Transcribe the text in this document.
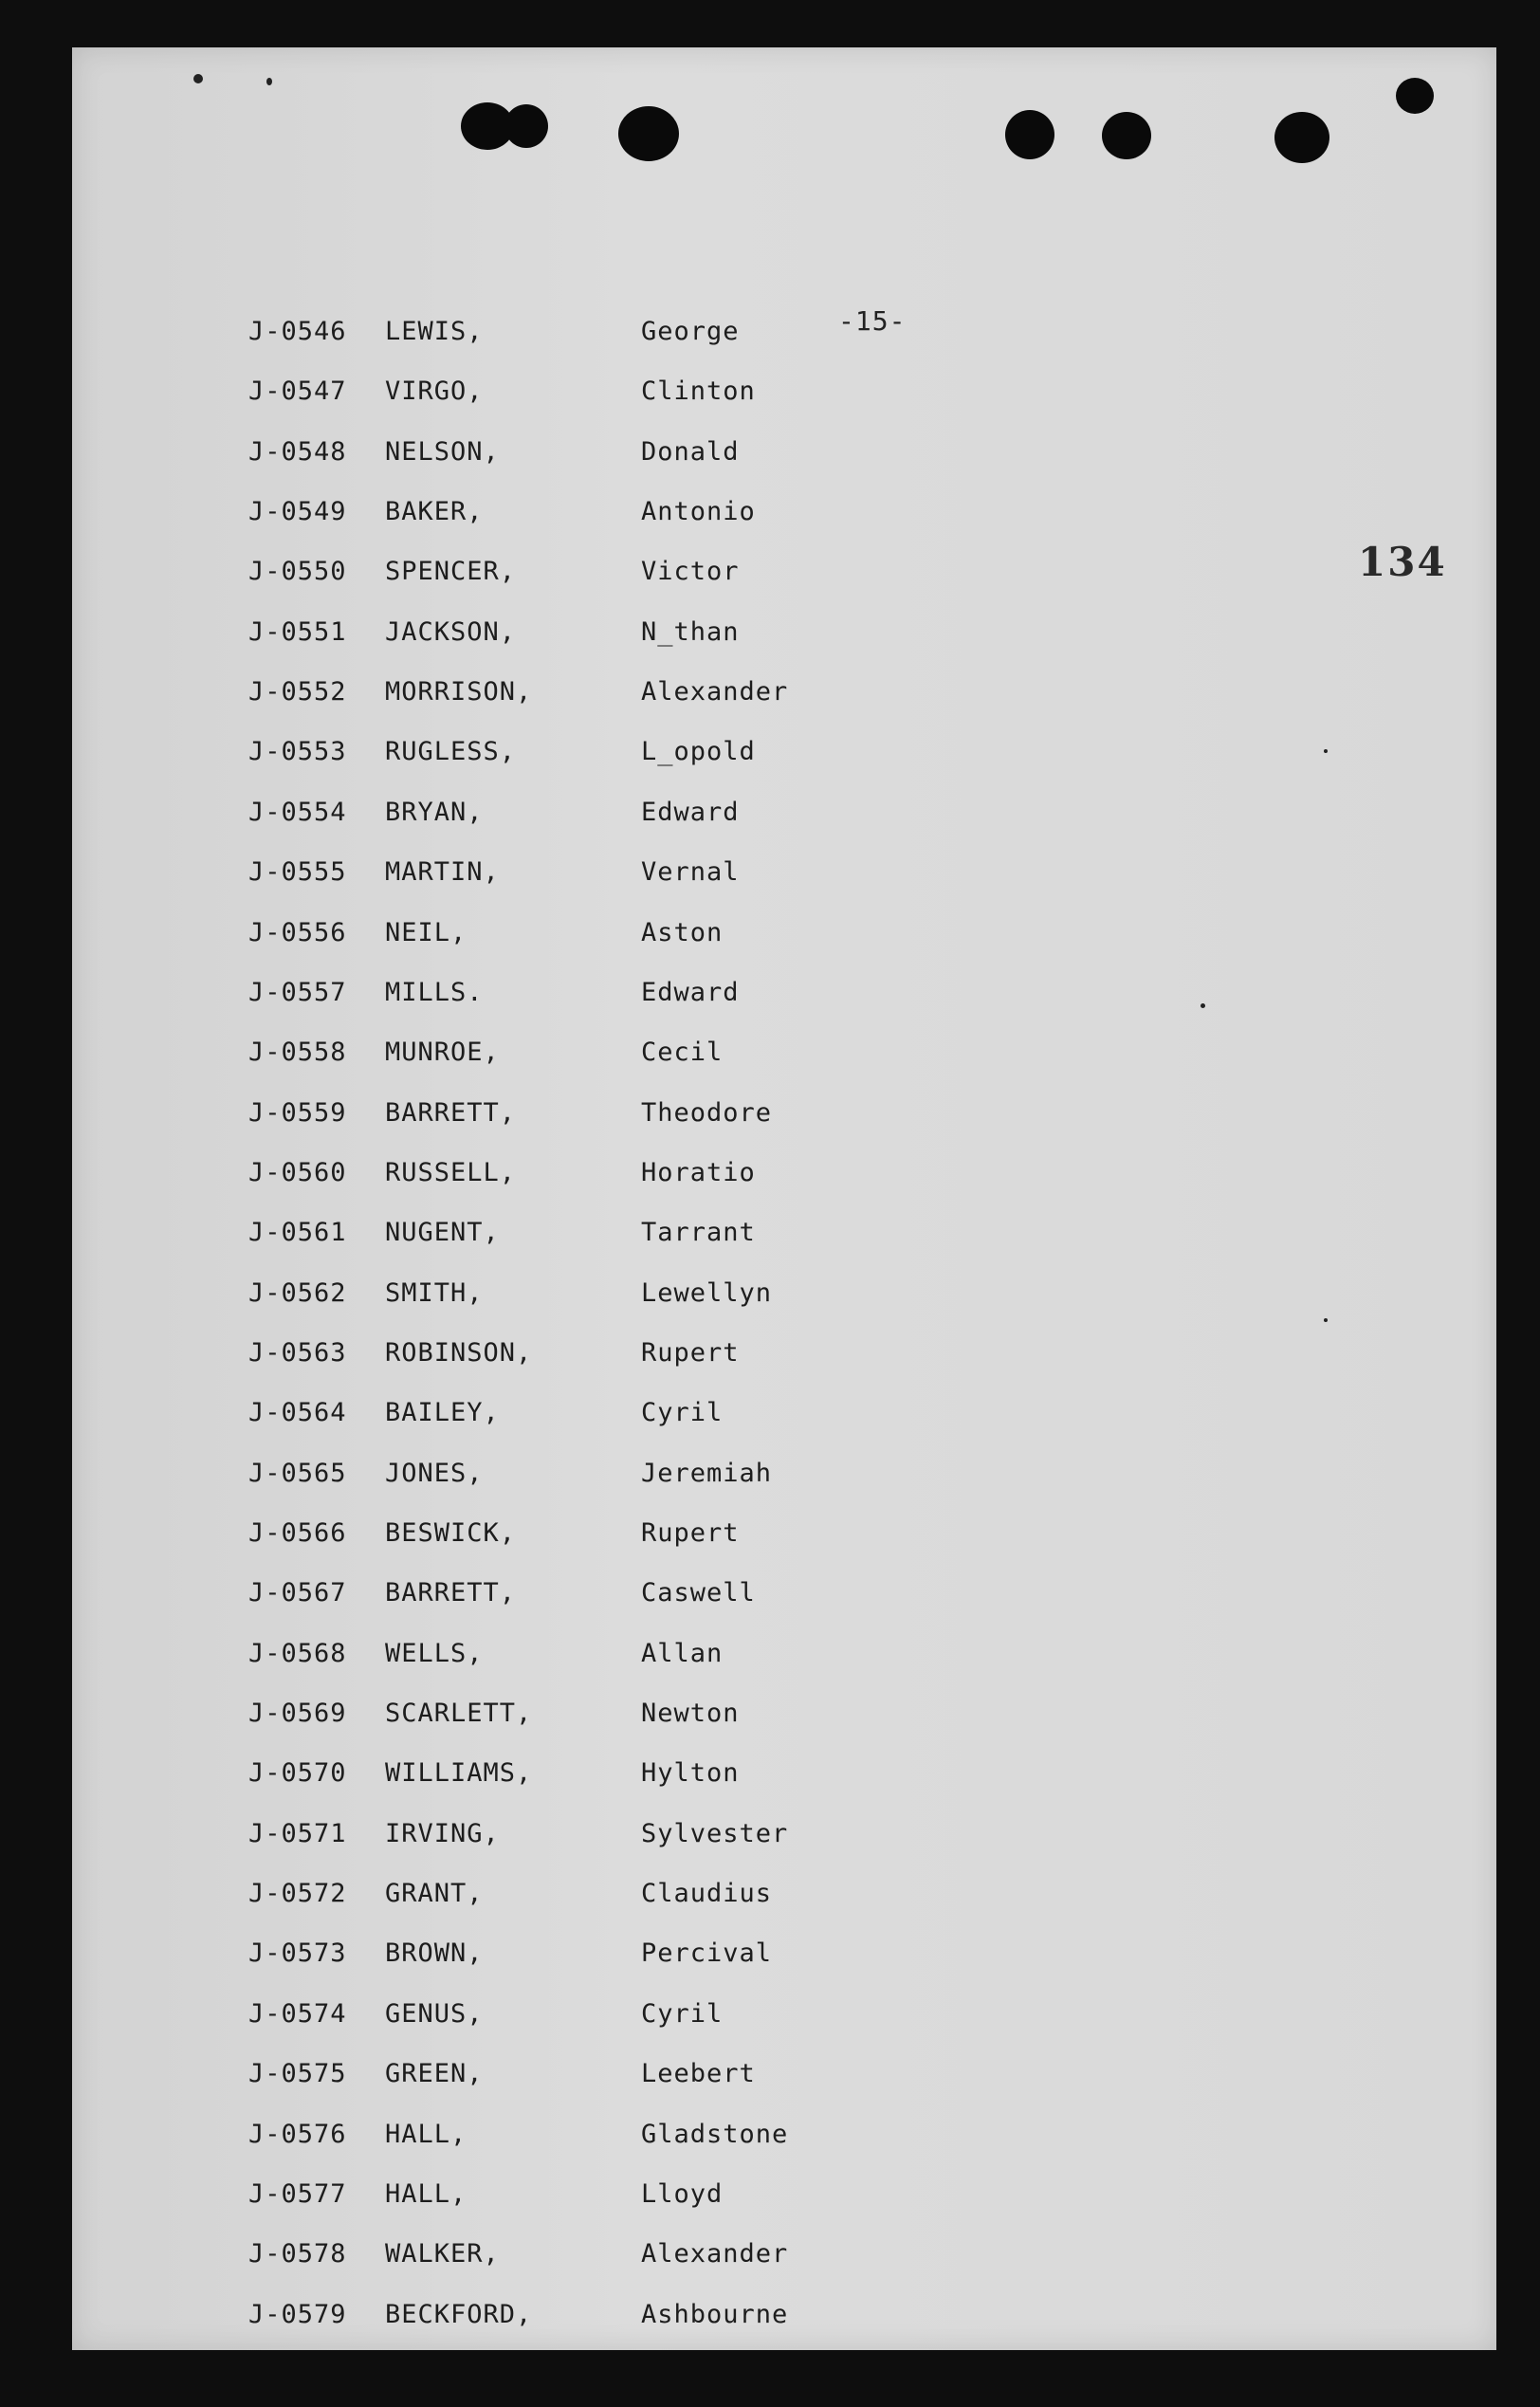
-15-
134
J-0546 LEWIS,	George
J-0547 VIRGO,	Clinton
J-0548 NELSON,	Donald
J-0549 BAKER,	Antonio
J-0550 SPENCER,	Victor
J-0551 JACKSON,	N_than
J-0552 MORRISON,	Alexander
J-0553 RUGLESS,	L_opold
J-0554 BRYAN,	Edward
J-0555 MARTIN,	Vernal
J-0556 NEIL,	Aston
J-0557 MILLS.	Edward
J-0558 MUNROE,	Cecil
J-0559 BARRETT,	Theodore
J-0560 RUSSELL,	Horatio
J-0561 NUGENT,	Tarrant
J-0562 SMITH,	Lewellyn
J-0563 ROBINSON,	Rupert
J-0564 BAILEY,	Cyril
J-0565 JONES,	Jeremiah
J-0566 BESWICK,	Rupert
J-0567 BARRETT,	Caswell
J-0568 WELLS,	Allan
J-0569 SCARLETT,	Newton
J-0570 WILLIAMS,	Hylton
J-0571 IRVING,	Sylvester
J-0572 GRANT,	Claudius
J-0573 BROWN,	Percival
J-0574 GENUS,	Cyril
J-0575 GREEN,	Leebert
J-0576 HALL,	Gladstone
J-0577 HALL,	Lloyd
J-0578 WALKER,	Alexander
J-0579 BECKFORD,	Ashbourne
